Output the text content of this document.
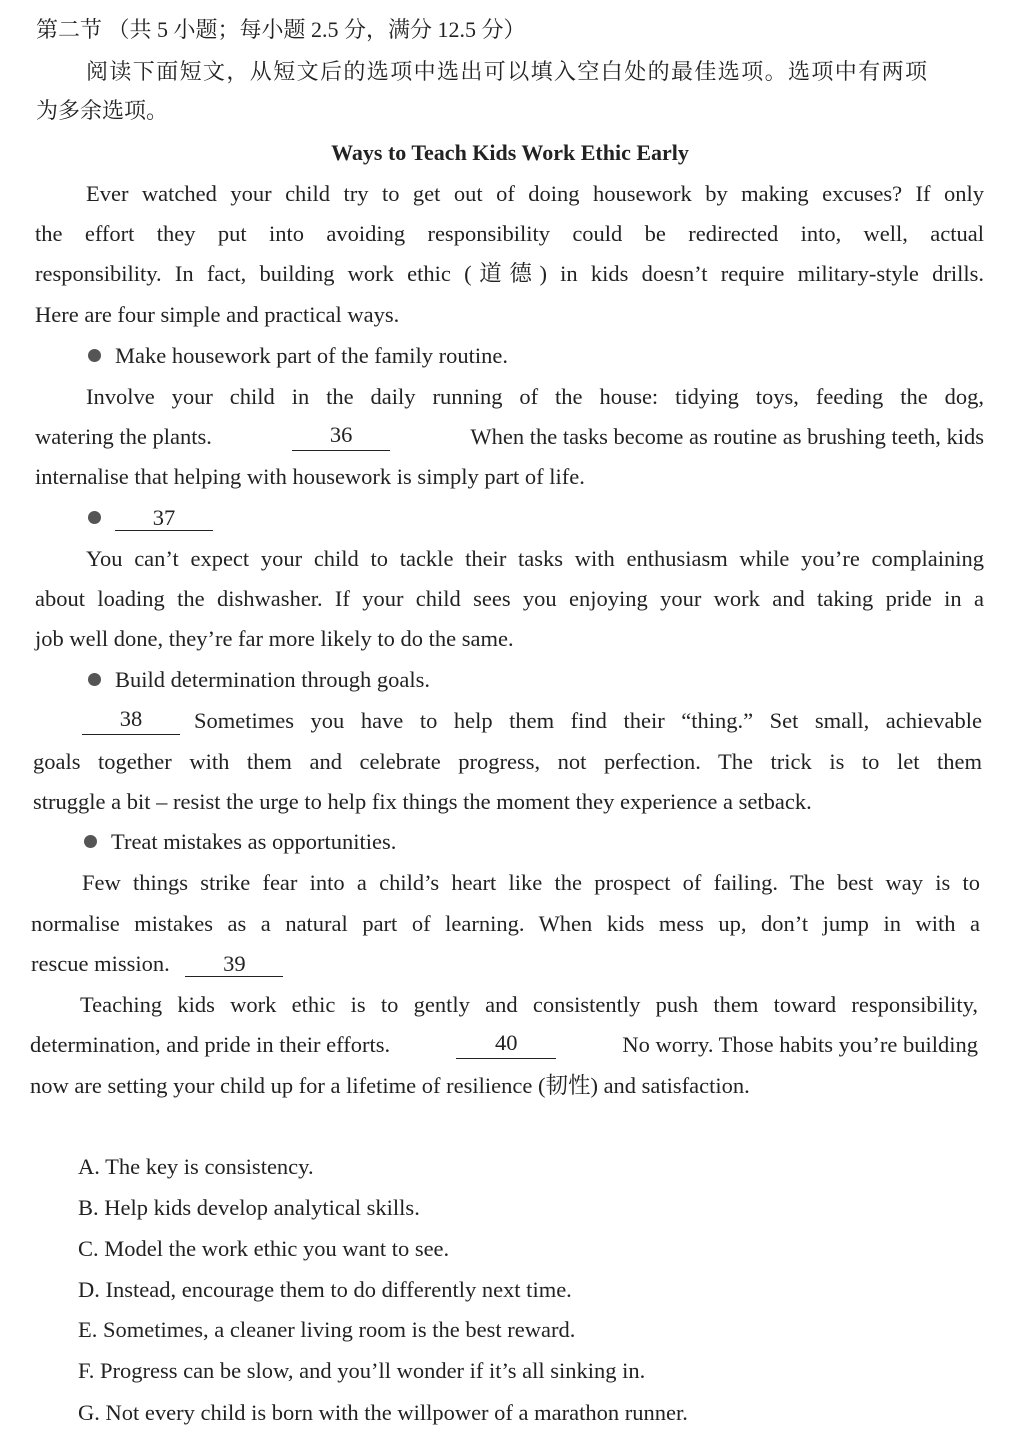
第二节 （共 5 小题；每小题 2.5 分，满分 12.5 分）
阅读下面短文，从短文后的选项中选出可以填入空白处的最佳选项。选项中有两项
为多余选项。
Ways to Teach Kids Work Ethic Early
Ever watched your child try to get out of doing housework by making excuses? If only
the effort they put into avoiding responsibility could be redirected into, well, actual
responsibility. In fact, building work ethic (道德) in kids doesn’t require military-style drills.
Here are four simple and practical ways.
Make housework part of the family routine.
Involve your child in the daily running of the house: tidying toys, feeding the dog,
watering the plants.	36	When the tasks become as routine as brushing teeth, kids
internalise that helping with housework is simply part of life.
37
You can’t expect your child to tackle their tasks with enthusiasm while you’re complaining
about loading the dishwasher. If your child sees you enjoying your work and taking pride in a
job well done, they’re far more likely to do the same.
Build determination through goals.
38	Sometimes you have to help them find their “thing.” Set small, achievable
goals together with them and celebrate progress, not perfection. The trick is to let them
struggle a bit – resist the urge to help fix things the moment they experience a setback.
Treat mistakes as opportunities.
Few things strike fear into a child’s heart like the prospect of failing. The best way is to
normalise mistakes as a natural part of learning. When kids mess up, don’t jump in with a
rescue mission. 39
Teaching kids work ethic is to gently and consistently push them toward responsibility,
determination, and pride in their efforts.	40	No worry. Those habits you’re building
now are setting your child up for a lifetime of resilience (韧性) and satisfaction.
A. The key is consistency.
B. Help kids develop analytical skills.
C. Model the work ethic you want to see.
D. Instead, encourage them to do differently next time.
E. Sometimes, a cleaner living room is the best reward.
F. Progress can be slow, and you’ll wonder if it’s all sinking in.
G. Not every child is born with the willpower of a marathon runner.
